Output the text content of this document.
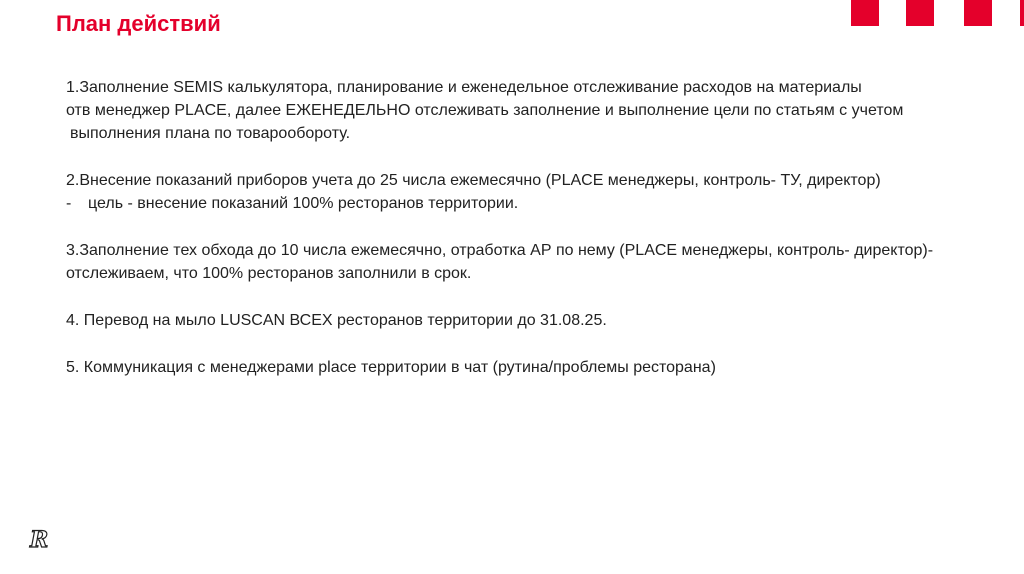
План действий
1.Заполнение SEMIS калькулятора, планирование и еженедельное отслеживание расходов на материалы
отв менеджер PLACE, далее ЕЖЕНЕДЕЛЬНО отслеживать заполнение и выполнение цели по статьям с учетом
выполнения плана по товарообороту.
2.Внесение показаний приборов учета до 25 числа ежемесячно (PLACE менеджеры, контроль- ТУ, директор)
- цель - внесение показаний 100% ресторанов территории.
3.Заполнение тех обхода до 10 числа ежемесячно, отработка АР по нему (PLACE менеджеры, контроль- директор)-
отслеживаем, что 100% ресторанов заполнили в срок.
4. Перевод на мыло LUSCAN ВСЕХ ресторанов территории до 31.08.25.
5. Коммуникация с менеджерами place территории в чат (рутина/проблемы ресторана)
R
